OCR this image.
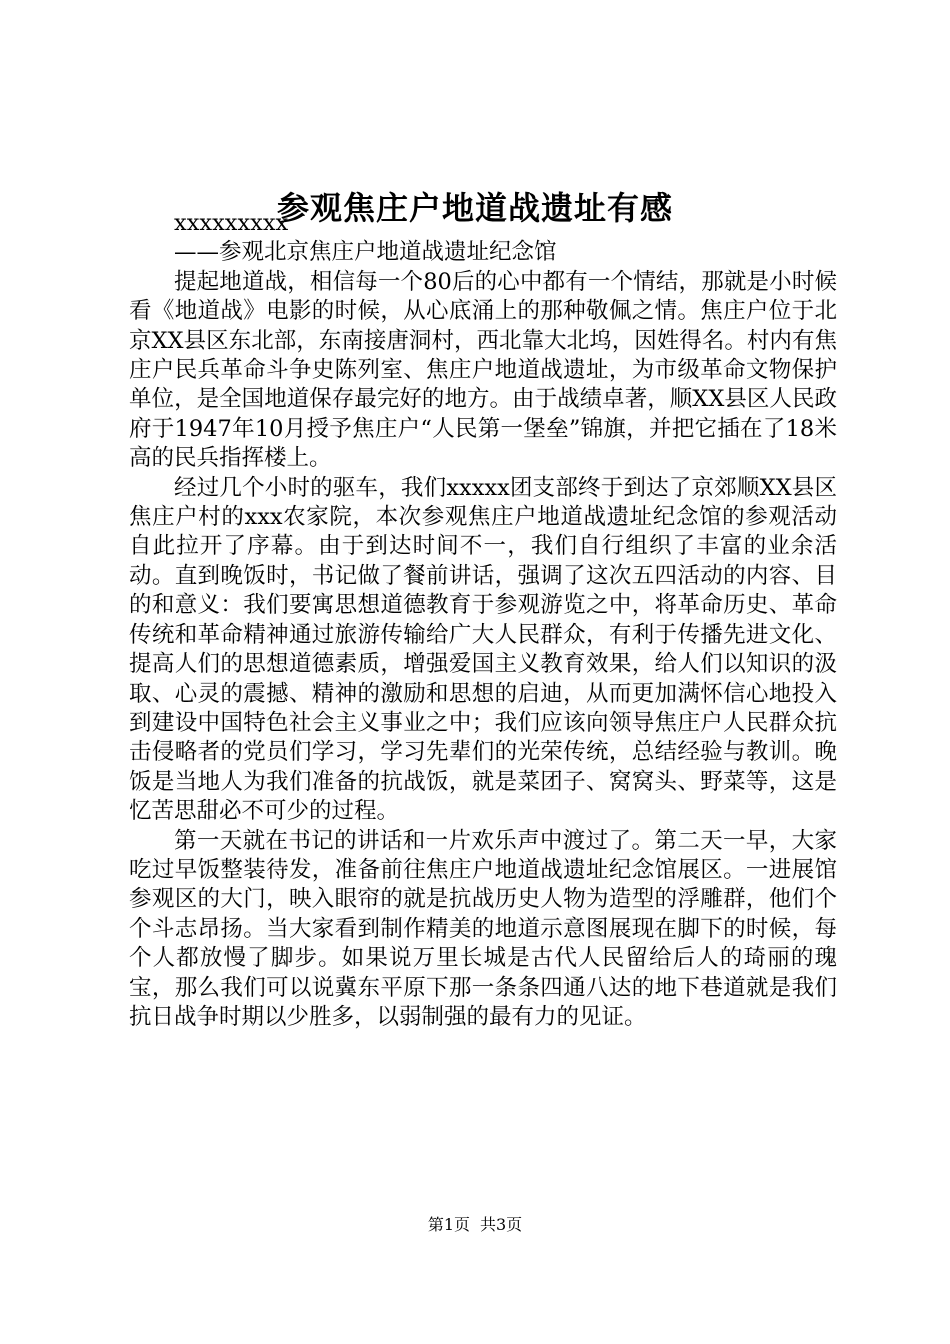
参观焦庄户地道战遗址有感

xxxxxxxxx

——参观北京焦庄户地道战遗址纪念馆

提起地道战，相信每一个80后的心中都有一个情结，那就是小时候看《地道战》电影的时候，从心底涌上的那种敬佩之情。焦庄户位于北京XX县区东北部，东南接唐洞村，西北靠大北坞，因姓得名。村内有焦庄户民兵革命斗争史陈列室、焦庄户地道战遗址，为市级革命文物保护单位，是全国地道保存最完好的地方。由于战绩卓著，顺XX县区人民政府于1947年10月授予焦庄户“人民第一堡垒”锦旗，并把它插在了18米高的民兵指挥楼上。

经过几个小时的驱车，我们xxxxx团支部终于到达了京郊顺XX县区焦庄户村的xxx农家院，本次参观焦庄户地道战遗址纪念馆的参观活动自此拉开了序幕。由于到达时间不一，我们自行组织了丰富的业余活动。直到晚饭时，书记做了餐前讲话，强调了这次五四活动的内容、目的和意义：我们要寓思想道德教育于参观游览之中，将革命历史、革命传统和革命精神通过旅游传输给广大人民群众，有利于传播先进文化、提高人们的思想道德素质，增强爱国主义教育效果，给人们以知识的汲取、心灵的震撼、精神的激励和思想的启迪，从而更加满怀信心地投入到建设中国特色社会主义事业之中；我们应该向领导焦庄户人民群众抗击侵略者的党员们学习，学习先辈们的光荣传统，总结经验与教训。晚饭是当地人为我们准备的抗战饭，就是菜团子、窝窝头、野菜等，这是忆苦思甜必不可少的过程。

第一天就在书记的讲话和一片欢乐声中渡过了。第二天一早，大家吃过早饭整装待发，准备前往焦庄户地道战遗址纪念馆展区。一进展馆参观区的大门，映入眼帘的就是抗战历史人物为造型的浮雕群，他们个个斗志昂扬。当大家看到制作精美的地道示意图展现在脚下的时候，每个人都放慢了脚步。如果说万里长城是古代人民留给后人的琦丽的瑰宝，那么我们可以说冀东平原下那一条条四通八达的地下巷道就是我们抗日战争时期以少胜多，以弱制强的最有力的见证。

第1页 共3页
